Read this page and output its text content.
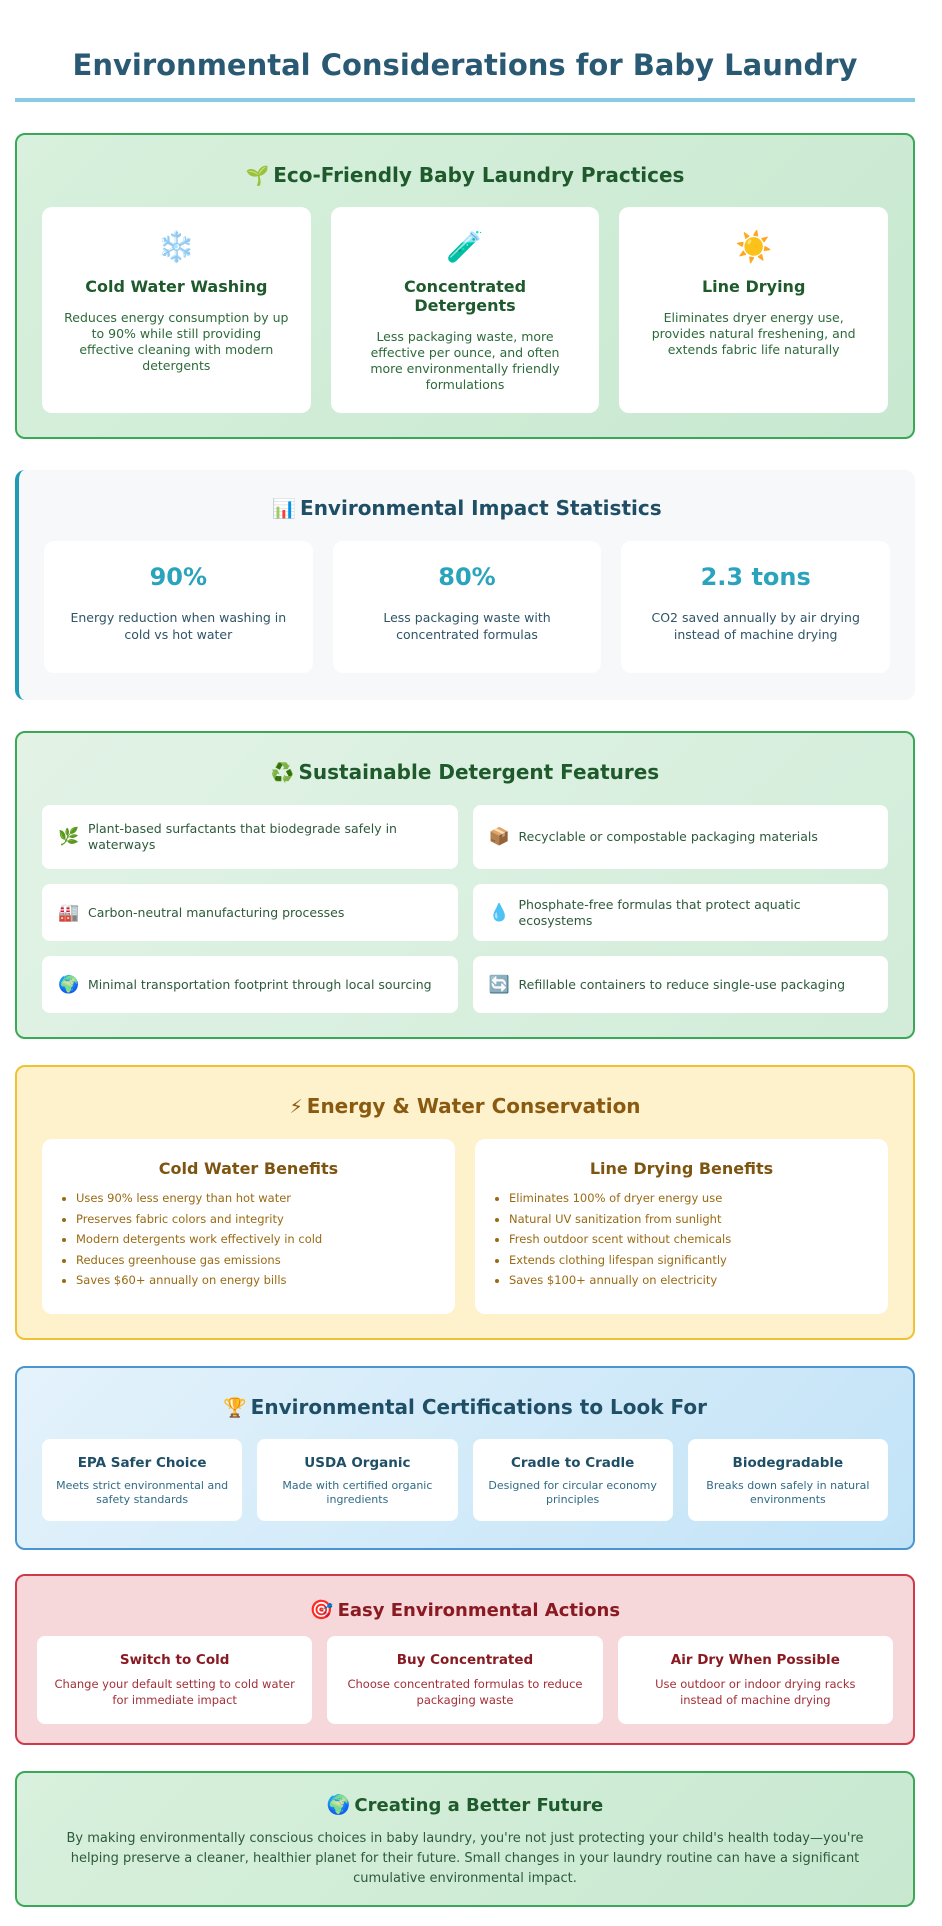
Environmental Considerations for Baby Laundry
🌱 Eco-Friendly Baby Laundry Practices
❄️
Cold Water Washing
Reduces energy consumption by up to 90% while still providing effective cleaning with modern detergents
🧪
Concentrated Detergents
Less packaging waste, more effective per ounce, and often more environmentally friendly formulations
☀️
Line Drying
Eliminates dryer energy use, provides natural freshening, and extends fabric life naturally
📊 Environmental Impact Statistics
90%
Energy reduction when washing in cold vs hot water
80%
Less packaging waste with concentrated formulas
2.3 tons
CO2 saved annually by air drying instead of machine drying
♻️ Sustainable Detergent Features
🌿 Plant-based surfactants that biodegrade safely in waterways	📦 Recyclable or compostable packaging materials
🏭 Carbon-neutral manufacturing processes	💧 Phosphate-free formulas that protect aquatic ecosystems
🌍 Minimal transportation footprint through local sourcing	🔄 Refillable containers to reduce single-use packaging
⚡ Energy & Water Conservation
Cold Water Benefits
• Uses 90% less energy than hot water
• Preserves fabric colors and integrity
• Modern detergents work effectively in cold
• Reduces greenhouse gas emissions
• Saves $60+ annually on energy bills
Line Drying Benefits
• Eliminates 100% of dryer energy use
• Natural UV sanitization from sunlight
• Fresh outdoor scent without chemicals
• Extends clothing lifespan significantly
• Saves $100+ annually on electricity
🏆 Environmental Certifications to Look For
EPA Safer Choice
Meets strict environmental and safety standards
USDA Organic
Made with certified organic ingredients
Cradle to Cradle
Designed for circular economy principles
Biodegradable
Breaks down safely in natural environments
🎯 Easy Environmental Actions
Switch to Cold
Change your default setting to cold water for immediate impact
Buy Concentrated
Choose concentrated formulas to reduce packaging waste
Air Dry When Possible
Use outdoor or indoor drying racks instead of machine drying
🌍 Creating a Better Future

By making environmentally conscious choices in baby laundry, you're not just protecting your child's health today—you're helping preserve a cleaner, healthier planet for their future. Small changes in your laundry routine can have a significant cumulative environmental impact.
